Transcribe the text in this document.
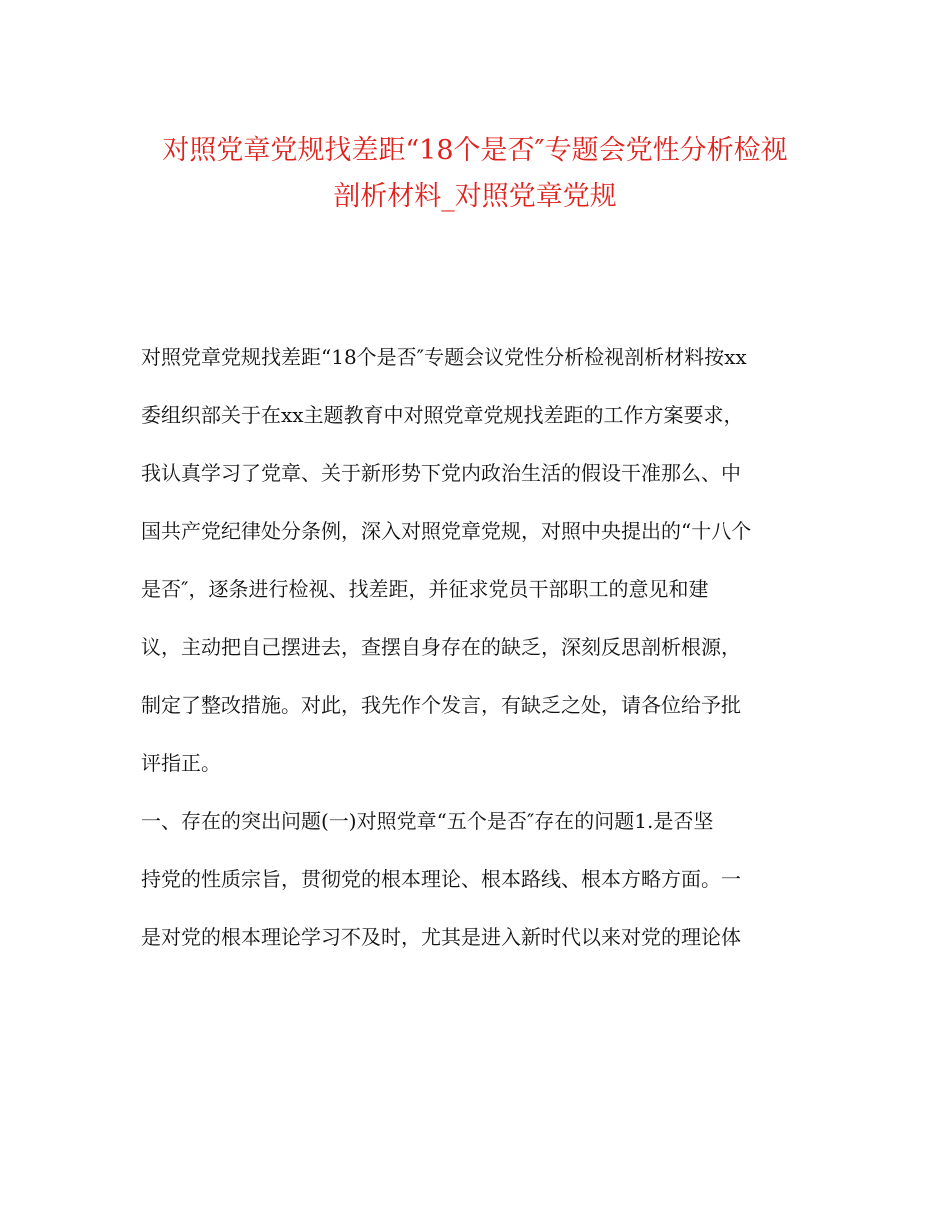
对照党章党规找差距“18个是否″专题会党性分析检视
剖析材料_对照党章党规
对照党章党规找差距“18个是否″专题会议党性分析检视剖析材料按xx
委组织部关于在xx主题教育中对照党章党规找差距的工作方案要求，
我认真学习了党章、关于新形势下党内政治生活的假设干准那么、中
国共产党纪律处分条例，深入对照党章党规，对照中央提出的“十八个
是否″，逐条进行检视、找差距，并征求党员干部职工的意见和建
议，主动把自己摆进去，查摆自身存在的缺乏，深刻反思剖析根源，
制定了整改措施。对此，我先作个发言，有缺乏之处，请各位给予批
评指正。
一、存在的突出问题(一)对照党章“五个是否″存在的问题1.是否坚
持党的性质宗旨，贯彻党的根本理论、根本路线、根本方略方面。一
是对党的根本理论学习不及时，尤其是进入新时代以来对党的理论体
